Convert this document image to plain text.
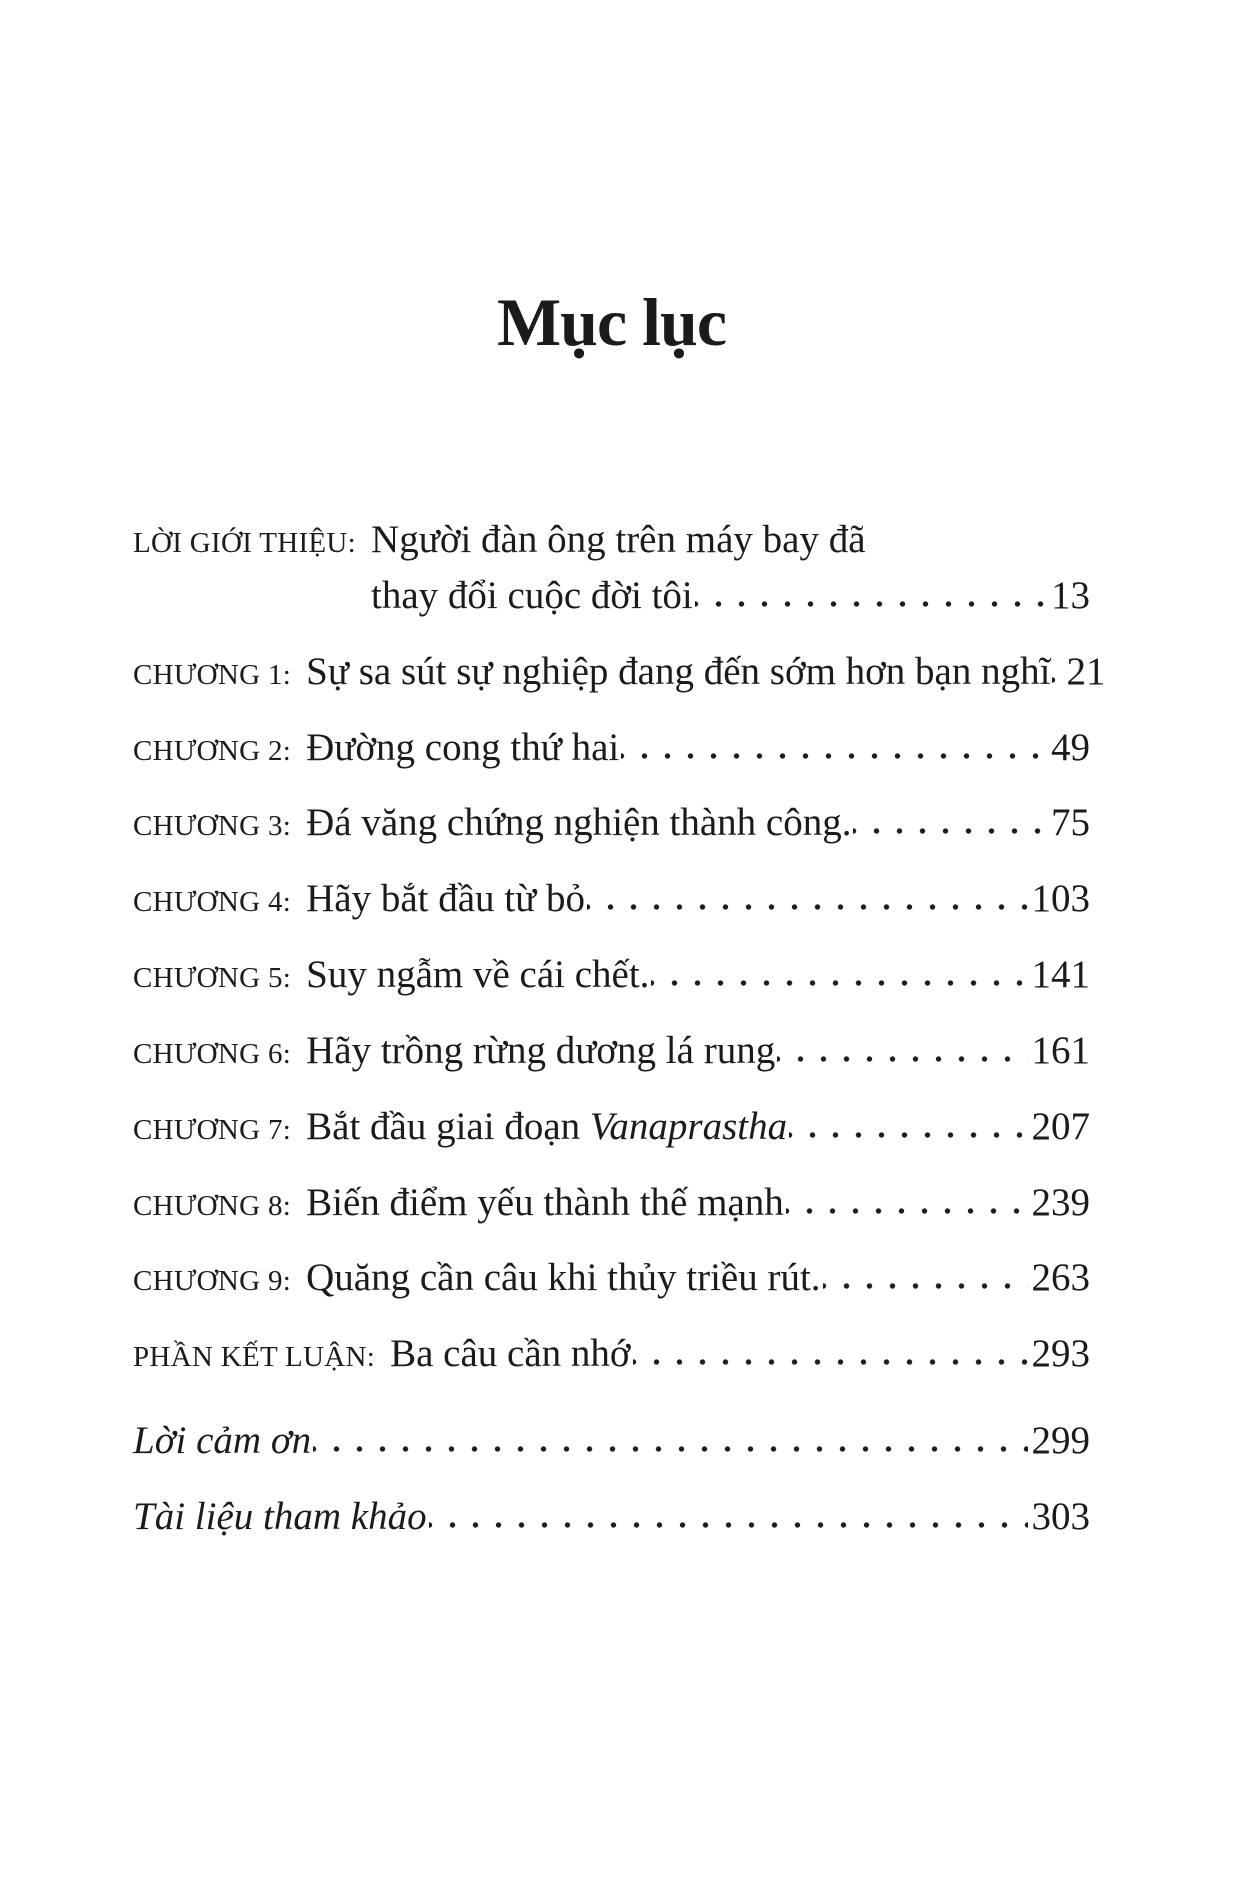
Mục lục
LỜI GIỚI THIỆU: Người đàn ông trên máy bay đã
thay đổi cuộc đời tôi	13
CHƯƠNG 1: Sự sa sút sự nghiệp đang đến sớm hơn bạn nghĩ 21
CHƯƠNG 2: Đường cong thứ hai	49
CHƯƠNG 3: Đá văng chứng nghiện thành công.	75
CHƯƠNG 4: Hãy bắt đầu từ bỏ	103
CHƯƠNG 5: Suy ngẫm về cái chết.	141
CHƯƠNG 6: Hãy trồng rừng dương lá rung	161
CHƯƠNG 7: Bắt đầu giai đoạn Vanaprastha	207
CHƯƠNG 8: Biến điểm yếu thành thế mạnh	239
CHƯƠNG 9: Quăng cần câu khi thủy triều rút.	263
PHẦN KẾT LUẬN: Ba câu cần nhớ	293
Lời cảm ơn	299
Tài liệu tham khảo	303
